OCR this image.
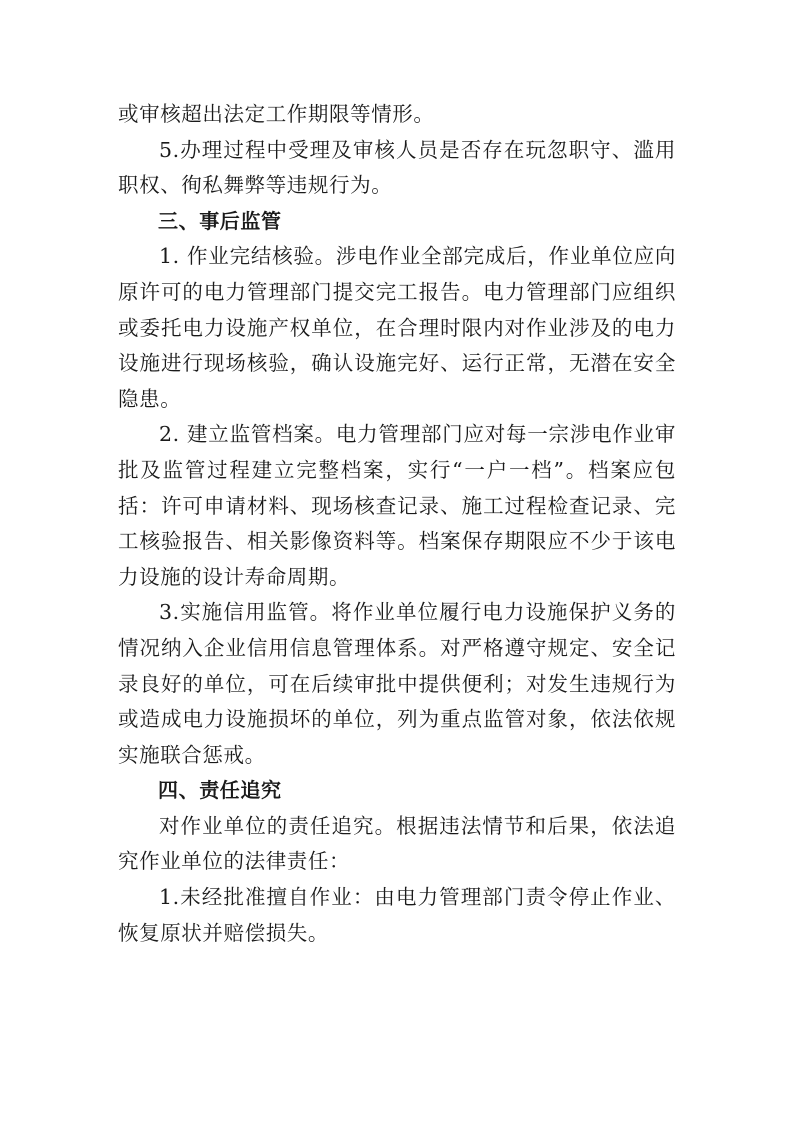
或审核超出法定工作期限等情形。

5.办理过程中受理及审核人员是否存在玩忽职守、滥用职权、徇私舞弊等违规行为。

三、事后监管

1. 作业完结核验。涉电作业全部完成后，作业单位应向原许可的电力管理部门提交完工报告。电力管理部门应组织或委托电力设施产权单位，在合理时限内对作业涉及的电力设施进行现场核验，确认设施完好、运行正常，无潜在安全隐患。

2. 建立监管档案。电力管理部门应对每一宗涉电作业审批及监管过程建立完整档案，实行“一户一档”。档案应包括：许可申请材料、现场核查记录、施工过程检查记录、完工核验报告、相关影像资料等。档案保存期限应不少于该电力设施的设计寿命周期。

3.实施信用监管。将作业单位履行电力设施保护义务的情况纳入企业信用信息管理体系。对严格遵守规定、安全记录良好的单位，可在后续审批中提供便利；对发生违规行为或造成电力设施损坏的单位，列为重点监管对象，依法依规实施联合惩戒。

四、责任追究

对作业单位的责任追究。根据违法情节和后果，依法追究作业单位的法律责任：

1.未经批准擅自作业：由电力管理部门责令停止作业、恢复原状并赔偿损失。
